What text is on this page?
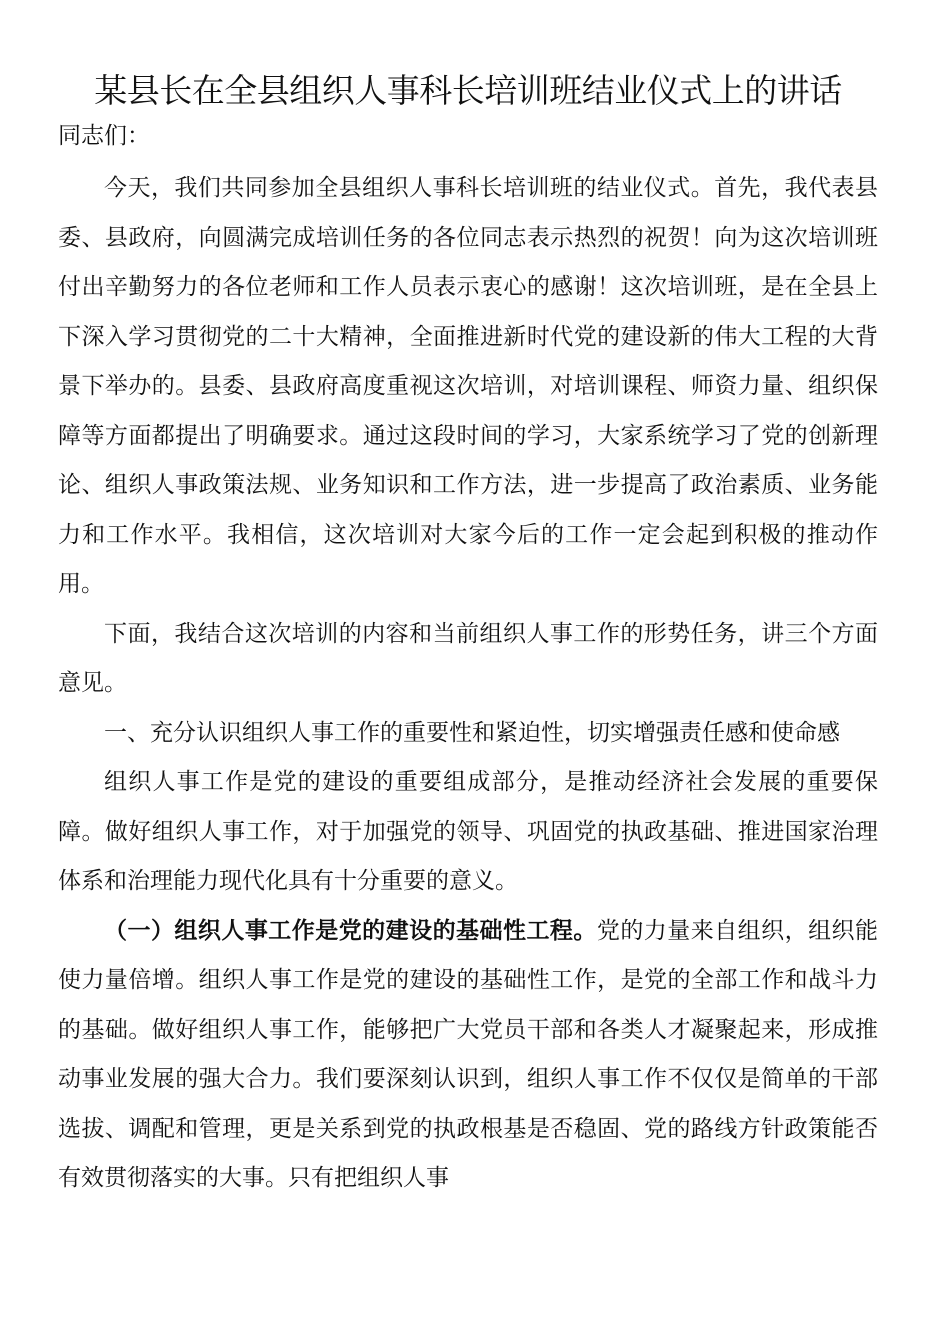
某县长在全县组织人事科长培训班结业仪式上的讲话

同志们：

今天，我们共同参加全县组织人事科长培训班的结业仪式。首先，我代表县委、县政府，向圆满完成培训任务的各位同志表示热烈的祝贺！向为这次培训班付出辛勤努力的各位老师和工作人员表示衷心的感谢！这次培训班，是在全县上下深入学习贯彻党的二十大精神，全面推进新时代党的建设新的伟大工程的大背景下举办的。县委、县政府高度重视这次培训，对培训课程、师资力量、组织保障等方面都提出了明确要求。通过这段时间的学习，大家系统学习了党的创新理论、组织人事政策法规、业务知识和工作方法，进一步提高了政治素质、业务能力和工作水平。我相信，这次培训对大家今后的工作一定会起到积极的推动作用。

下面，我结合这次培训的内容和当前组织人事工作的形势任务，讲三个方面意见。

一、充分认识组织人事工作的重要性和紧迫性，切实增强责任感和使命感

组织人事工作是党的建设的重要组成部分，是推动经济社会发展的重要保障。做好组织人事工作，对于加强党的领导、巩固党的执政基础、推进国家治理体系和治理能力现代化具有十分重要的意义。

（一）组织人事工作是党的建设的基础性工程。党的力量来自组织，组织能使力量倍增。组织人事工作是党的建设的基础性工作，是党的全部工作和战斗力的基础。做好组织人事工作，能够把广大党员干部和各类人才凝聚起来，形成推动事业发展的强大合力。我们要深刻认识到，组织人事工作不仅仅是简单的干部选拔、调配和管理，更是关系到党的执政根基是否稳固、党的路线方针政策能否有效贯彻落实的大事。只有把组织人事
